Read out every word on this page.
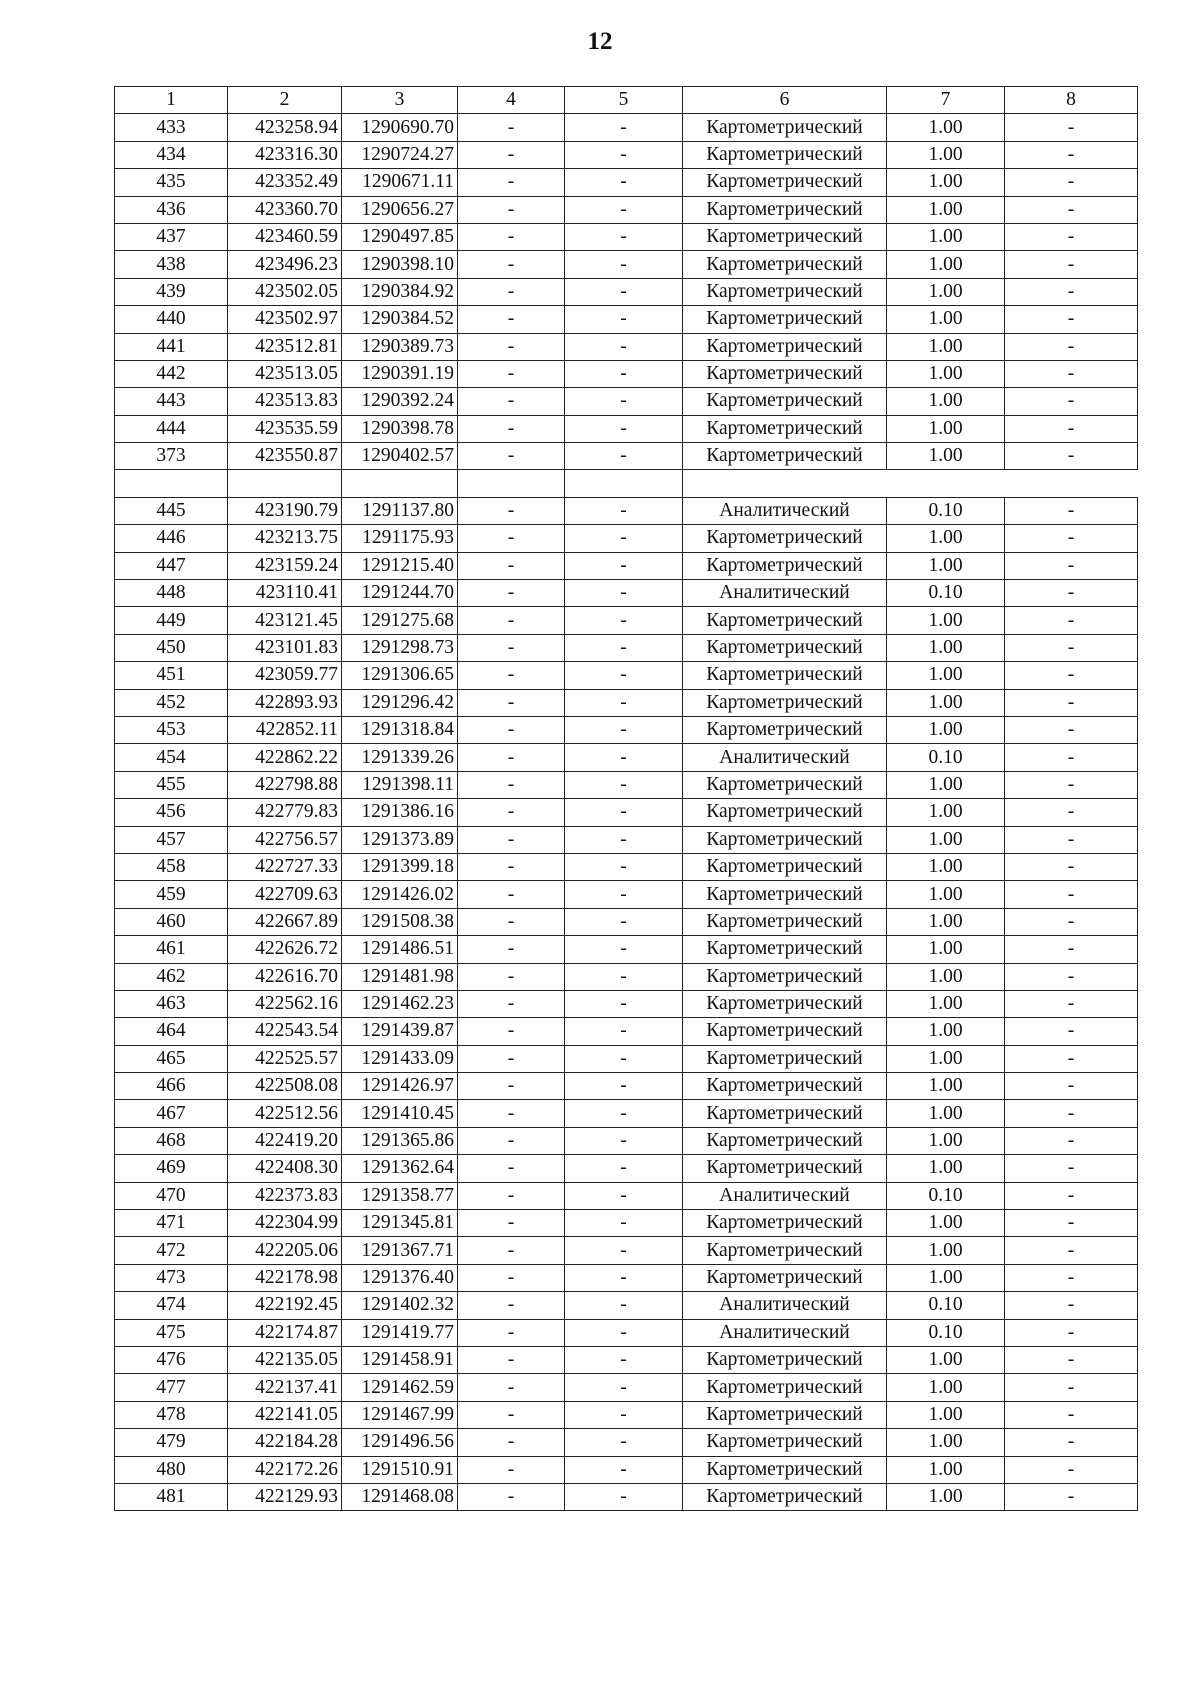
12
1	2	3	4	5	6	7	8
433	423258.94	1290690.70	-	-	Картометрический	1.00	-
434	423316.30	1290724.27	-	-	Картометрический	1.00	-
435	423352.49	1290671.11	-	-	Картометрический	1.00	-
436	423360.70	1290656.27	-	-	Картометрический	1.00	-
437	423460.59	1290497.85	-	-	Картометрический	1.00	-
438	423496.23	1290398.10	-	-	Картометрический	1.00	-
439	423502.05	1290384.92	-	-	Картометрический	1.00	-
440	423502.97	1290384.52	-	-	Картометрический	1.00	-
441	423512.81	1290389.73	-	-	Картометрический	1.00	-
442	423513.05	1290391.19	-	-	Картометрический	1.00	-
443	423513.83	1290392.24	-	-	Картометрический	1.00	-
444	423535.59	1290398.78	-	-	Картометрический	1.00	-
373	423550.87	1290402.57	-	-	Картометрический	1.00	-

445	423190.79	1291137.80	-	-	Аналитический	0.10	-
446	423213.75	1291175.93	-	-	Картометрический	1.00	-
447	423159.24	1291215.40	-	-	Картометрический	1.00	-
448	423110.41	1291244.70	-	-	Аналитический	0.10	-
449	423121.45	1291275.68	-	-	Картометрический	1.00	-
450	423101.83	1291298.73	-	-	Картометрический	1.00	-
451	423059.77	1291306.65	-	-	Картометрический	1.00	-
452	422893.93	1291296.42	-	-	Картометрический	1.00	-
453	422852.11	1291318.84	-	-	Картометрический	1.00	-
454	422862.22	1291339.26	-	-	Аналитический	0.10	-
455	422798.88	1291398.11	-	-	Картометрический	1.00	-
456	422779.83	1291386.16	-	-	Картометрический	1.00	-
457	422756.57	1291373.89	-	-	Картометрический	1.00	-
458	422727.33	1291399.18	-	-	Картометрический	1.00	-
459	422709.63	1291426.02	-	-	Картометрический	1.00	-
460	422667.89	1291508.38	-	-	Картометрический	1.00	-
461	422626.72	1291486.51	-	-	Картометрический	1.00	-
462	422616.70	1291481.98	-	-	Картометрический	1.00	-
463	422562.16	1291462.23	-	-	Картометрический	1.00	-
464	422543.54	1291439.87	-	-	Картометрический	1.00	-
465	422525.57	1291433.09	-	-	Картометрический	1.00	-
466	422508.08	1291426.97	-	-	Картометрический	1.00	-
467	422512.56	1291410.45	-	-	Картометрический	1.00	-
468	422419.20	1291365.86	-	-	Картометрический	1.00	-
469	422408.30	1291362.64	-	-	Картометрический	1.00	-
470	422373.83	1291358.77	-	-	Аналитический	0.10	-
471	422304.99	1291345.81	-	-	Картометрический	1.00	-
472	422205.06	1291367.71	-	-	Картометрический	1.00	-
473	422178.98	1291376.40	-	-	Картометрический	1.00	-
474	422192.45	1291402.32	-	-	Аналитический	0.10	-
475	422174.87	1291419.77	-	-	Аналитический	0.10	-
476	422135.05	1291458.91	-	-	Картометрический	1.00	-
477	422137.41	1291462.59	-	-	Картометрический	1.00	-
478	422141.05	1291467.99	-	-	Картометрический	1.00	-
479	422184.28	1291496.56	-	-	Картометрический	1.00	-
480	422172.26	1291510.91	-	-	Картометрический	1.00	-
481	422129.93	1291468.08	-	-	Картометрический	1.00	-
